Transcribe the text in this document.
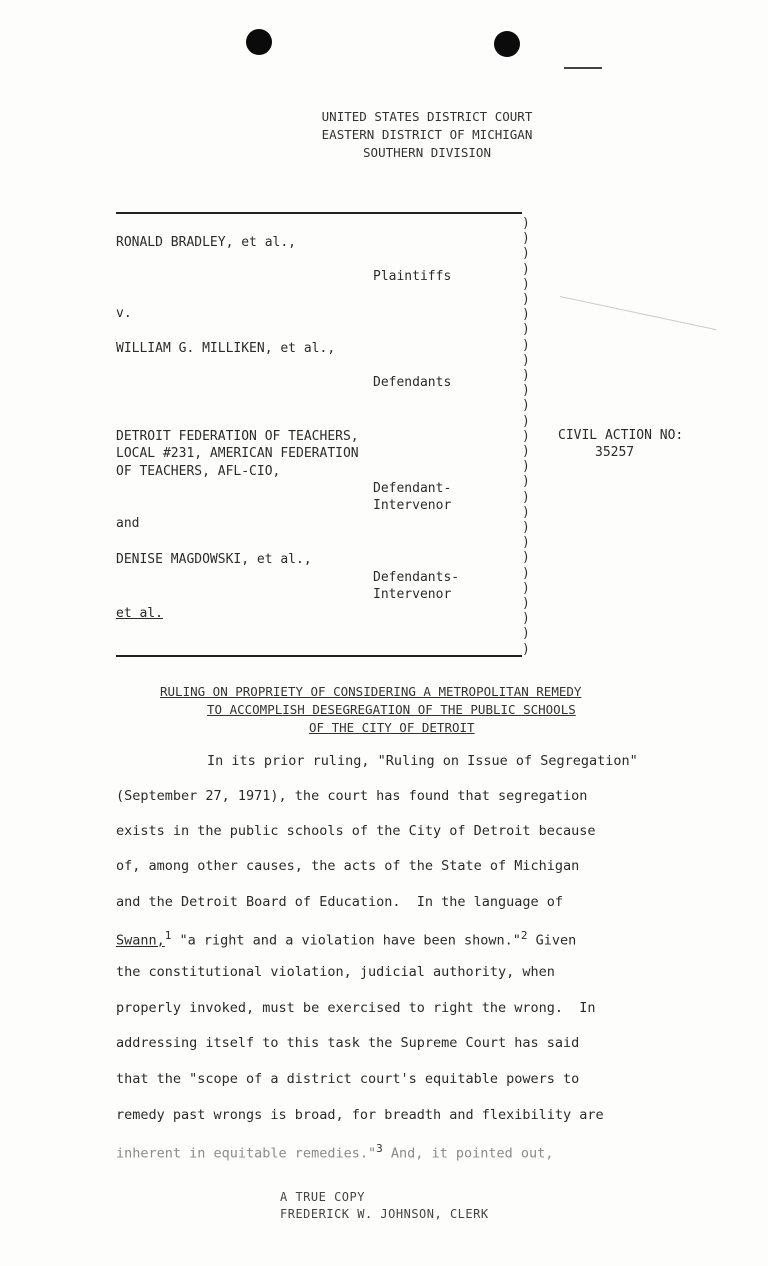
UNITED STATES DISTRICT COURT
EASTERN DISTRICT OF MICHIGAN
SOUTHERN DIVISION
)
)
)
)
)
)
)
)
)
)
)
)
)
)
)
)
)
)
)
)
)
)
)
)
)
)
)
)
)
RONALD BRADLEY, et al.,
Plaintiffs
v.
WILLIAM G. MILLIKEN, et al.,
Defendants
DETROIT FEDERATION OF TEACHERS,
LOCAL #231, AMERICAN FEDERATION
OF TEACHERS, AFL-CIO,
Defendant-
Intervenor
and
DENISE MAGDOWSKI, et al.,
Defendants-
Intervenor
et al.
CIVIL ACTION NO:
35257
RULING ON PROPRIETY OF CONSIDERING A METROPOLITAN REMEDY
TO ACCOMPLISH DESEGREGATION OF THE PUBLIC SCHOOLS
OF THE CITY OF DETROIT
In its prior ruling, "Ruling on Issue of Segregation"
(September 27, 1971), the court has found that segregation
exists in the public schools of the City of Detroit because
of, among other causes, the acts of the State of Michigan
and the Detroit Board of Education.  In the language of
Swann,$^1$ "a right and a violation have been shown."$^2$ Given
the constitutional violation, judicial authority, when
properly invoked, must be exercised to right the wrong.  In
addressing itself to this task the Supreme Court has said
that the "scope of a district court's equitable powers to
remedy past wrongs is broad, for breadth and flexibility are
inherent in equitable remedies."$^3$ And, it pointed out,
A TRUE COPY
FREDERICK W. JOHNSON, CLERK
